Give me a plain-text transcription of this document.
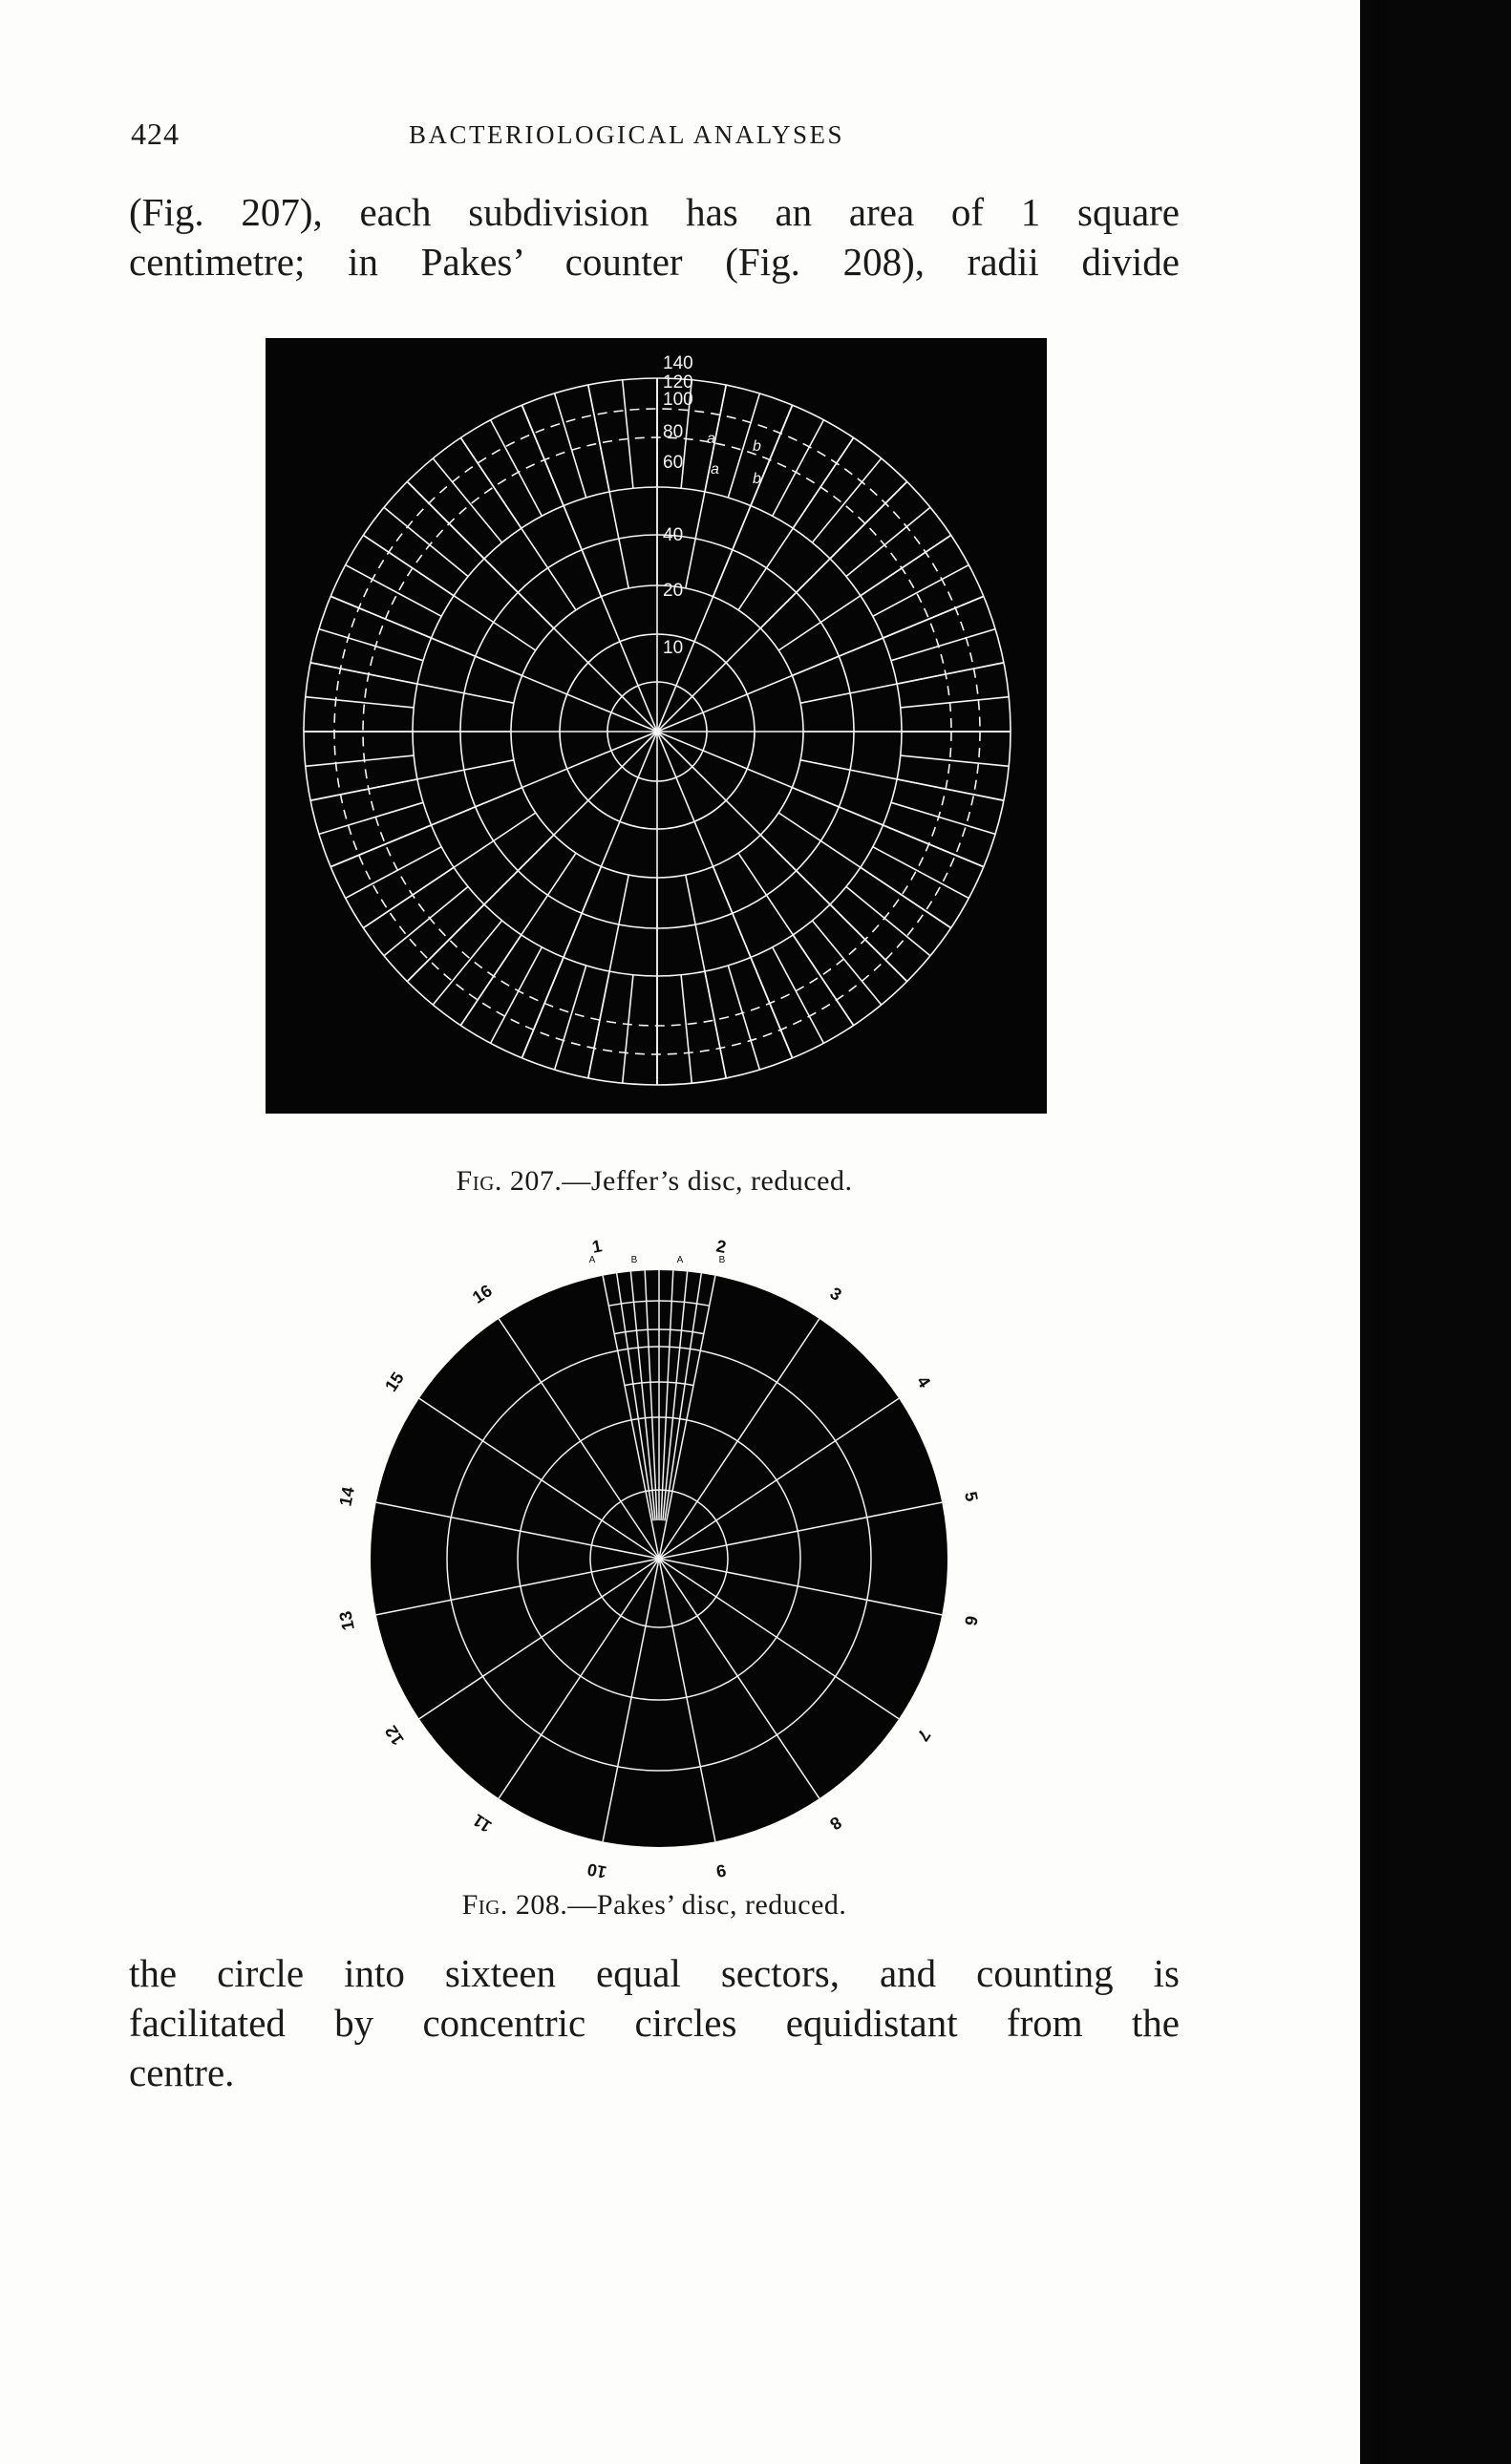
424	BACTERIOLOGICAL ANALYSES
(Fig. 207), each subdivision has an area of 1 square
centimetre; in Pakes’ counter (Fig. 208), radii divide
140
120
100
80
60
40
20
10
a b
a
b
Fig. 207.—Jeffer’s disc, reduced.
1	2
3
4
5
6
7
8
9
10
11
12
13
14
15
16
A	B	A	B
Fig. 208.—Pakes’ disc, reduced.
the circle into sixteen equal sectors, and counting is
facilitated by concentric circles equidistant from the
centre.
